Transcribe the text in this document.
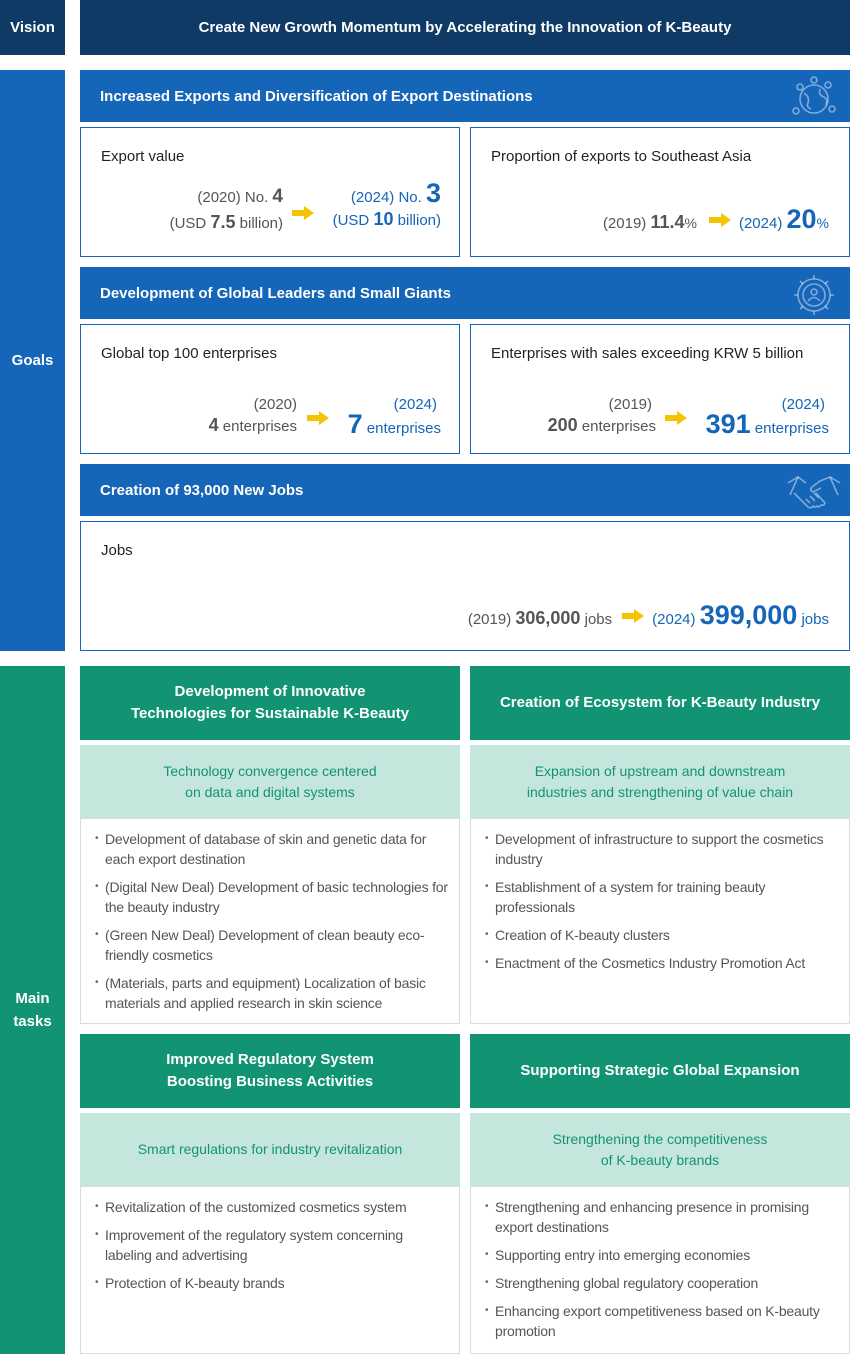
Vision	Create New Growth Momentum by Accelerating the Innovation of K-Beauty
Goals
Increased Exports and Diversification of Export Destinations
Export value
(2020) No. 4
(USD 7.5 billion)
(2024) No. 3
(USD 10 billion)
Proportion of exports to Southeast Asia
(2019)
11.4 %	(2024)
20 %
Development of Global Leaders and Small Giants
Global top 100 enterprises
(2020)
4 enterprises
(2024)
7 enterprises
Enterprises with sales exceeding KRW 5 billion
(2019)
200 enterprises
(2024)
391 enterprises
Creation of 93,000 New Jobs
Jobs
(2019)
306,000
jobs	(2024)
399,000
jobs
Main
tasks
Development of Innovative
Technologies for Sustainable K-Beauty
Technology convergence centered
on data and digital systems
• Development of database of skin and genetic data for each export destination
• (Digital New Deal) Development of basic technologies for the beauty industry
• (Green New Deal) Development of clean beauty eco-friendly cosmetics
• (Materials, parts and equipment) Localization of basic materials and applied research in skin science
Creation of Ecosystem for K-Beauty Industry
Expansion of upstream and downstream
industries and strengthening of value chain
• Development of infrastructure to support the cosmetics industry
• Establishment of a system for training beauty professionals
• Creation of K-beauty clusters
• Enactment of the Cosmetics Industry Promotion Act
Improved Regulatory System
Boosting Business Activities
Smart regulations for industry revitalization
• Revitalization of the customized cosmetics system
• Improvement of the regulatory system concerning labeling and advertising
• Protection of K-beauty brands
Supporting Strategic Global Expansion
Strengthening the competitiveness
of K-beauty brands
• Strengthening and enhancing presence in promising export destinations
• Supporting entry into emerging economies
• Strengthening global regulatory cooperation
• Enhancing export competitiveness based on K-beauty promotion
